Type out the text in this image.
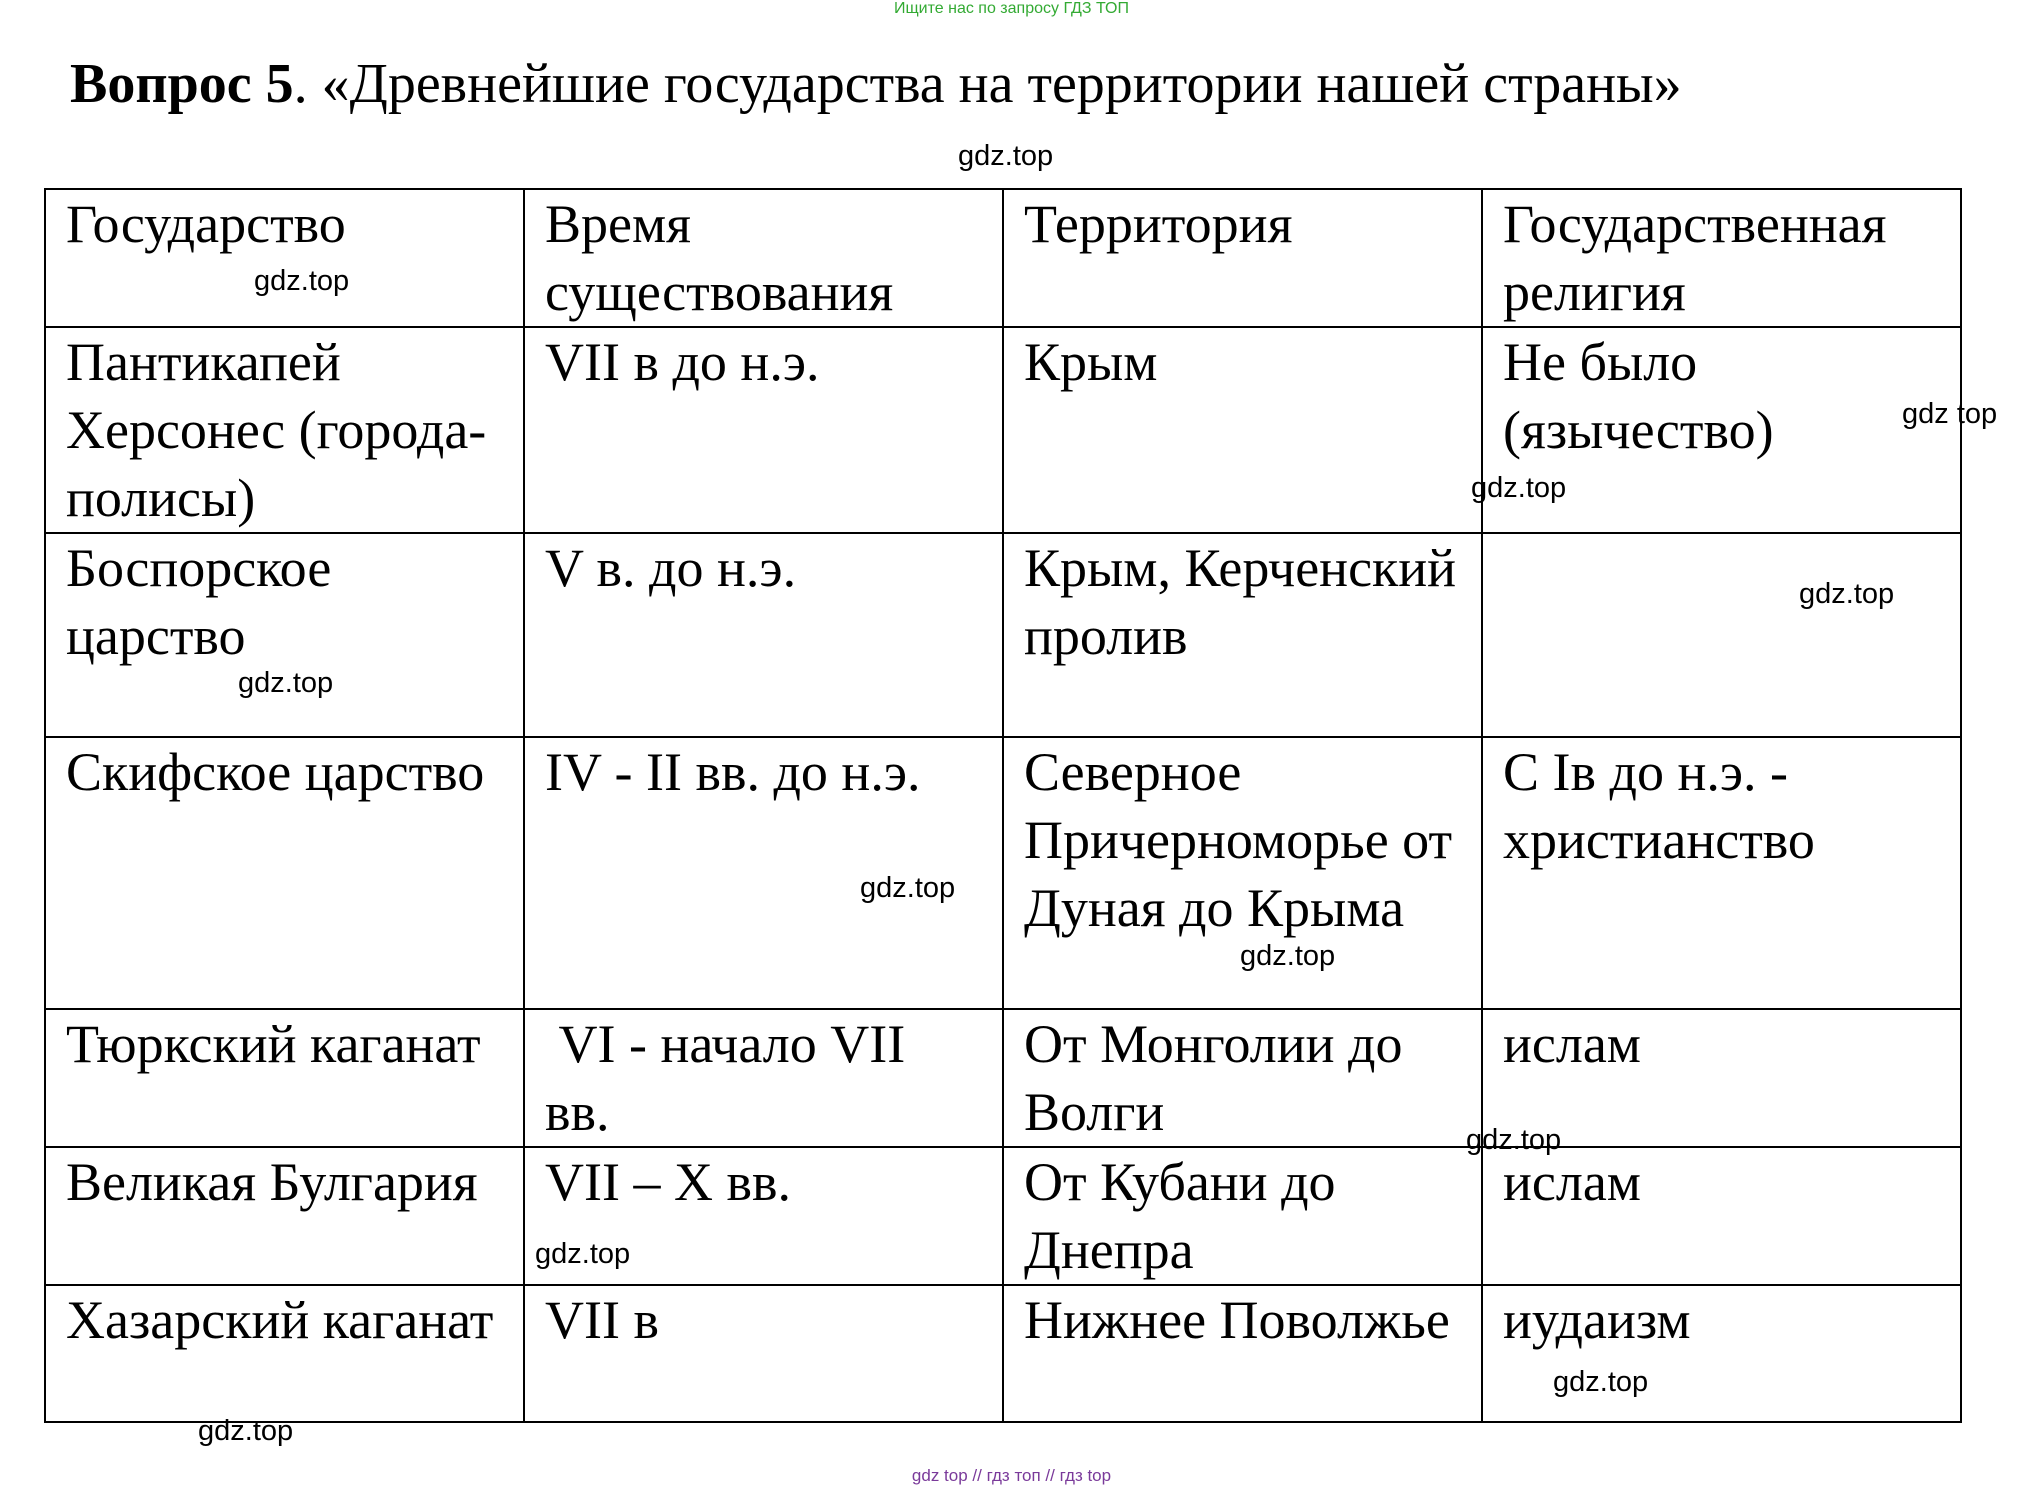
Ищите нас по запросу ГДЗ ТОП
Вопрос 5. «Древнейшие государства на территории нашей страны»
gdz.top
Государство	Время существования	Территория	Государственная религия
Пантикапей Херсонес (города-полисы)	VII в до н.э.	Крым	Не было (язычество)
Боспорское царство	V в. до н.э.	Крым, Керченский пролив	
Скифское царство	IV - II вв. до н.э.	Северное Причерноморье от Дуная до Крыма	С Iв до н.э. - христианство
Тюркский каганат	VI - начало VII вв.	От Монголии до Волги	ислам
Великая Булгария	VII – X вв.	От Кубани до Днепра	ислам
Хазарский каганат	VII в	Нижнее Поволжье	иудаизм
gdz.top
gdz top
gdz.top
gdz.top
gdz.top
gdz.top
gdz.top
gdz.top
gdz.top
gdz.top
gdz.top
gdz top // гдз топ // гдз top
